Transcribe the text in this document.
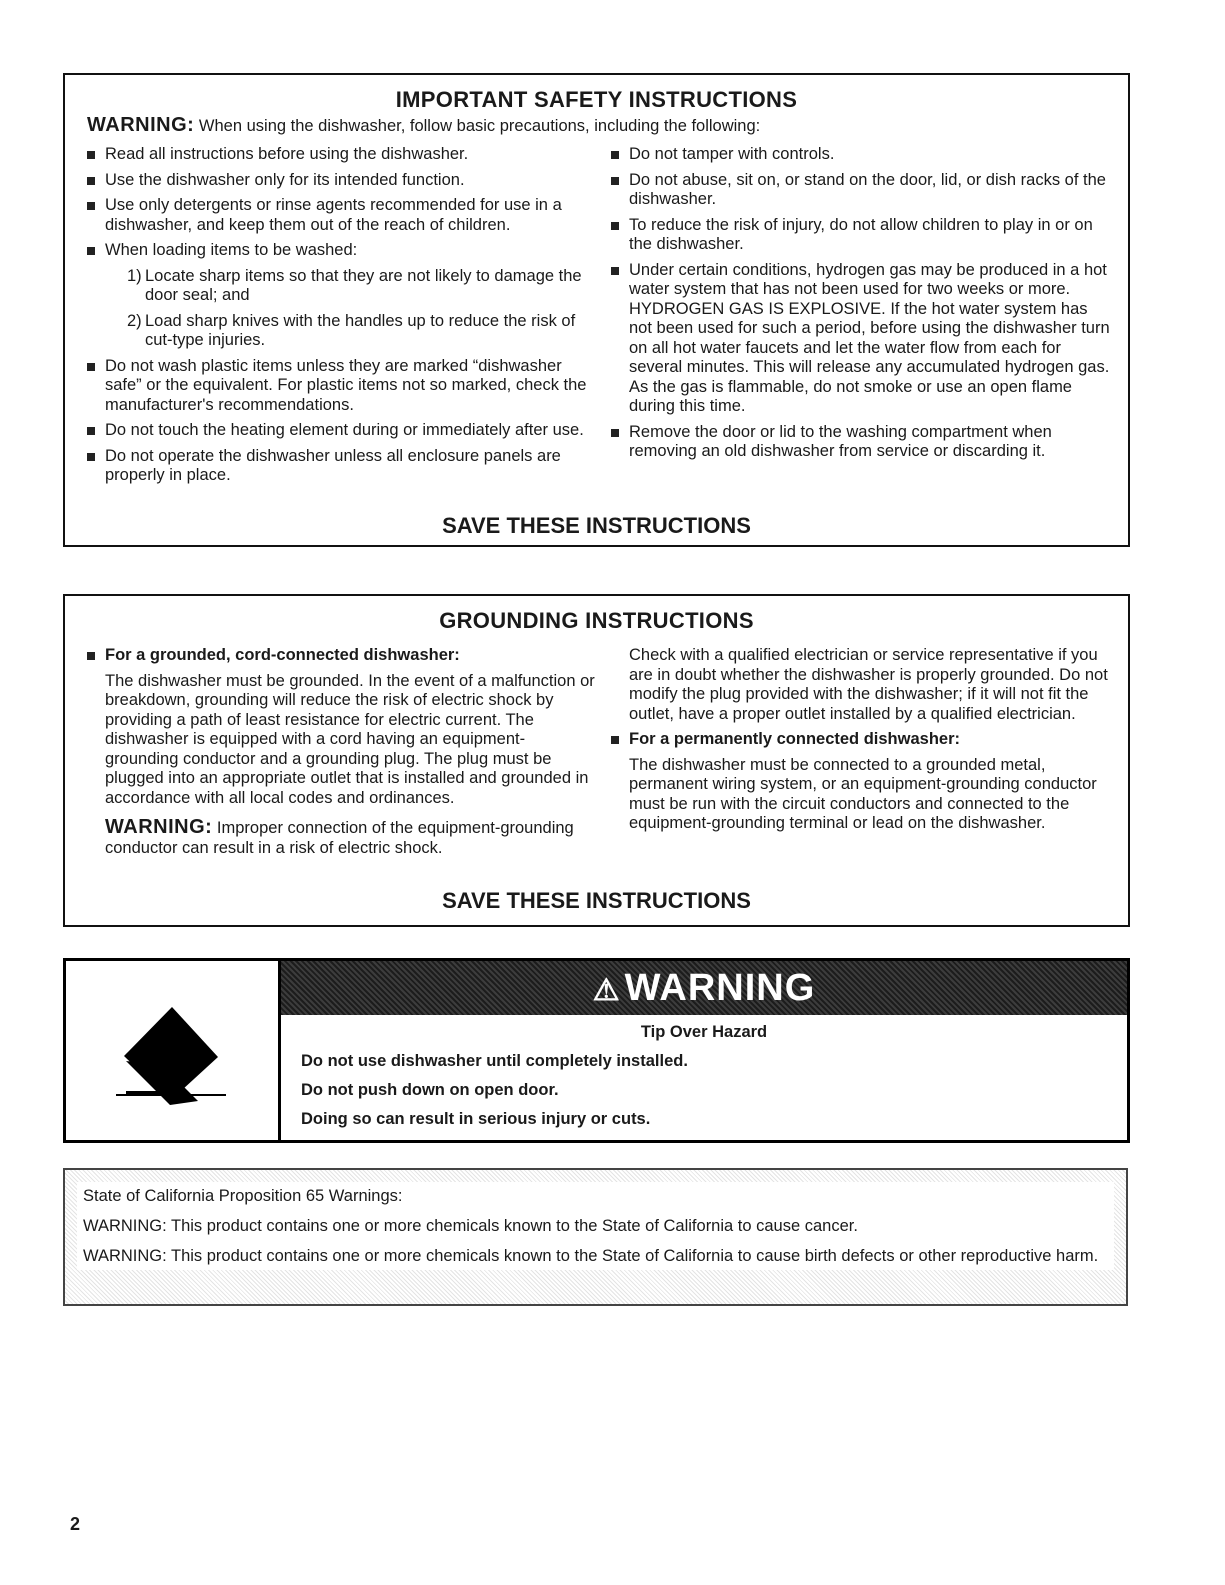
IMPORTANT SAFETY INSTRUCTIONS
WARNING: When using the dishwasher, follow basic precautions, including the following:
Read all instructions before using the dishwasher.
Use the dishwasher only for its intended function.
Use only detergents or rinse agents recommended for use in a dishwasher, and keep them out of the reach of children.
When loading items to be washed:
1) Locate sharp items so that they are not likely to damage the door seal; and
2) Load sharp knives with the handles up to reduce the risk of cut-type injuries.
Do not wash plastic items unless they are marked “dishwasher safe” or the equivalent. For plastic items not so marked, check the manufacturer's recommendations.
Do not touch the heating element during or immediately after use.
Do not operate the dishwasher unless all enclosure panels are properly in place.
Do not tamper with controls.
Do not abuse, sit on, or stand on the door, lid, or dish racks of the dishwasher.
To reduce the risk of injury, do not allow children to play in or on the dishwasher.
Under certain conditions, hydrogen gas may be produced in a hot water system that has not been used for two weeks or more. HYDROGEN GAS IS EXPLOSIVE. If the hot water system has not been used for such a period, before using the dishwasher turn on all hot water faucets and let the water flow from each for several minutes. This will release any accumulated hydrogen gas. As the gas is flammable, do not smoke or use an open flame during this time.
Remove the door or lid to the washing compartment when removing an old dishwasher from service or discarding it.
SAVE THESE INSTRUCTIONS
GROUNDING INSTRUCTIONS
For a grounded, cord-connected dishwasher:
The dishwasher must be grounded. In the event of a malfunction or breakdown, grounding will reduce the risk of electric shock by providing a path of least resistance for electric current. The dishwasher is equipped with a cord having an equipment-grounding conductor and a grounding plug. The plug must be plugged into an appropriate outlet that is installed and grounded in accordance with all local codes and ordinances.
WARNING: Improper connection of the equipment-grounding conductor can result in a risk of electric shock.
Check with a qualified electrician or service representative if you are in doubt whether the dishwasher is properly grounded. Do not modify the plug provided with the dishwasher; if it will not fit the outlet, have a proper outlet installed by a qualified electrician.
For a permanently connected dishwasher:
The dishwasher must be connected to a grounded metal, permanent wiring system, or an equipment-grounding conductor must be run with the circuit conductors and connected to the equipment-grounding terminal or lead on the dishwasher.
SAVE THESE INSTRUCTIONS
⚠ WARNING
Tip Over Hazard
Do not use dishwasher until completely installed.
Do not push down on open door.
Doing so can result in serious injury or cuts.

State of California Proposition 65 Warnings:

WARNING: This product contains one or more chemicals known to the State of California to cause cancer.

WARNING: This product contains one or more chemicals known to the State of California to cause birth defects or other reproductive harm.

2
